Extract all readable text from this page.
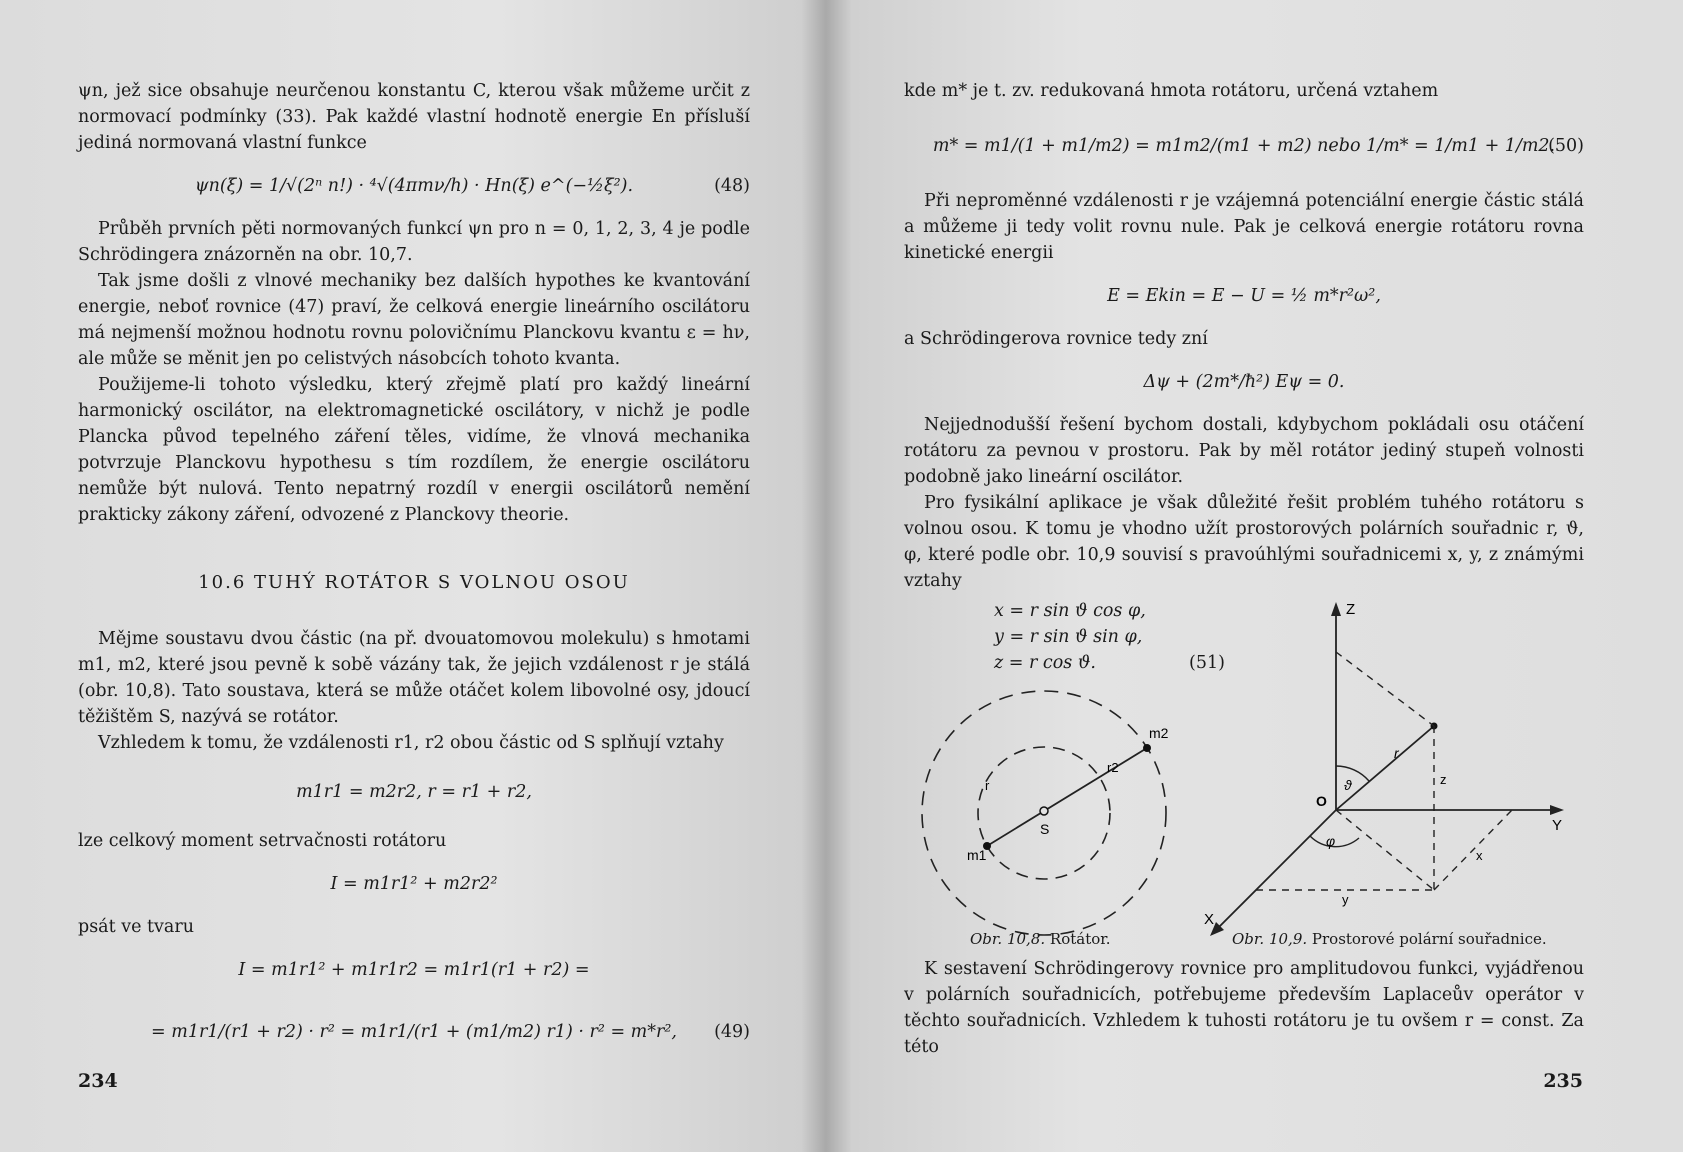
ψn, jež sice obsahuje neurčenou konstantu C, kterou však můžeme určit z normovací podmínky (33). Pak každé vlastní hodnotě energie En přísluší jediná normovaná vlastní funkce

ψn(ξ) = 1/√(2ⁿ n!) · ⁴√(4πmν/h) · Hn(ξ) e^(−½ξ²).	(48)

Průběh prvních pěti normovaných funkcí ψn pro n = 0, 1, 2, 3, 4 je podle Schrödingera znázorněn na obr. 10,7.

Tak jsme došli z vlnové mechaniky bez dalších hypothes ke kvantování energie, neboť rovnice (47) praví, že celková energie lineárního oscilátoru má nejmenší možnou hodnotu rovnu polovičnímu Planckovu kvantu ε = hν, ale může se měnit jen po celistvých násobcích tohoto kvanta.

Použijeme-li tohoto výsledku, který zřejmě platí pro každý lineární harmonický oscilátor, na elektromagnetické oscilátory, v nichž je podle Plancka původ tepelného záření těles, vidíme, že vlnová mechanika potvrzuje Planckovu hypothesu s tím rozdílem, že energie oscilátoru nemůže být nulová. Tento nepatrný rozdíl v energii oscilátorů nemění prakticky zákony záření, odvozené z Planckovy theorie.

10.6 TUHÝ ROTÁTOR S VOLNOU OSOU

Mějme soustavu dvou částic (na př. dvouatomovou molekulu) s hmotami m1, m2, které jsou pevně k sobě vázány tak, že jejich vzdálenost r je stálá (obr. 10,8). Tato soustava, která se může otáčet kolem libovolné osy, jdoucí těžištěm S, nazývá se rotátor.

Vzhledem k tomu, že vzdálenosti r1, r2 obou částic od S splňují vztahy

m1r1 = m2r2, r = r1 + r2,

lze celkový moment setrvačnosti rotátoru

I = m1r1² + m2r2²

psát ve tvaru

I = m1r1² + m1r1r2 = m1r1(r1 + r2) =
= m1r1/(r1 + r2) · r² = m1r1/(r1 + (m1/m2) r1) · r² = m*r², (49)
234

kde m* je t. zv. redukovaná hmota rotátoru, určená vztahem

m* = m1/(1 + m1/m2) = m1m2/(m1 + m2) nebo 1/m* = 1/m1 + 1/m2.
(50)

Při neproměnné vzdálenosti r je vzájemná potenciální energie částic stálá a můžeme ji tedy volit rovnu nule. Pak je celková energie rotátoru rovna kinetické energii

E = Ekin = E − U = ½ m*r²ω²,

a Schrödingerova rovnice tedy zní

Δψ + (2m*/ħ²) Eψ = 0.

Nejjednodušší řešení bychom dostali, kdybychom pokládali osu otáčení rotátoru za pevnou v prostoru. Pak by měl rotátor jediný stupeň volnosti podobně jako lineární oscilátor.

Pro fysikální aplikace je však důležité řešit problém tuhého rotátoru s volnou osou. K tomu je vhodno užít prostorových polárních souřadnic r, ϑ, φ, které podle obr. 10,9 souvisí s pravoúhlými souřadnicemi x, y, z známými vztahy

x = r sin ϑ cos φ,
y = r sin ϑ sin φ,
z = r cos ϑ.	(51)
m1
m2
r2
r
S
Z
Y
X
O
r
ϑ
φ
z
x
y
Obr. 10,8. Rotátor.	Obr. 10,9. Prostorové polární souřadnice.

K sestavení Schrödingerovy rovnice pro amplitudovou funkci, vyjádřenou v polárních souřadnicích, potřebujeme především Laplaceův operátor v těchto souřadnicích. Vzhledem k tuhosti rotátoru je tu ovšem r = const. Za této

235
